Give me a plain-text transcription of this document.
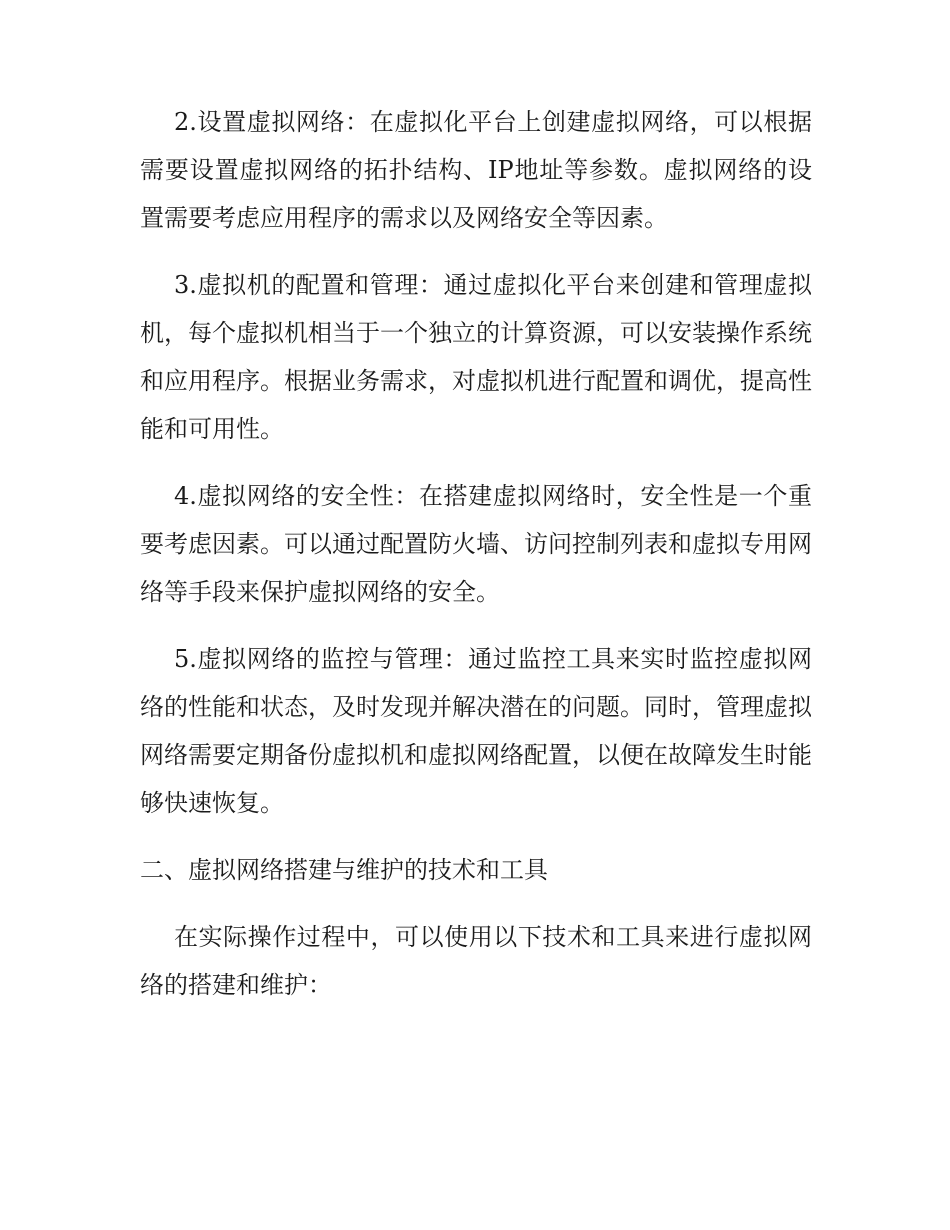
2.设置虚拟网络：在虚拟化平台上创建虚拟网络，可以根据需要设置虚拟网络的拓扑结构、IP地址等参数。虚拟网络的设置需要考虑应用程序的需求以及网络安全等因素。

3.虚拟机的配置和管理：通过虚拟化平台来创建和管理虚拟机，每个虚拟机相当于一个独立的计算资源，可以安装操作系统和应用程序。根据业务需求，对虚拟机进行配置和调优，提高性能和可用性。

4.虚拟网络的安全性：在搭建虚拟网络时，安全性是一个重要考虑因素。可以通过配置防火墙、访问控制列表和虚拟专用网络等手段来保护虚拟网络的安全。

5.虚拟网络的监控与管理：通过监控工具来实时监控虚拟网络的性能和状态，及时发现并解决潜在的问题。同时，管理虚拟网络需要定期备份虚拟机和虚拟网络配置，以便在故障发生时能够快速恢复。

二、虚拟网络搭建与维护的技术和工具

在实际操作过程中，可以使用以下技术和工具来进行虚拟网络的搭建和维护：
